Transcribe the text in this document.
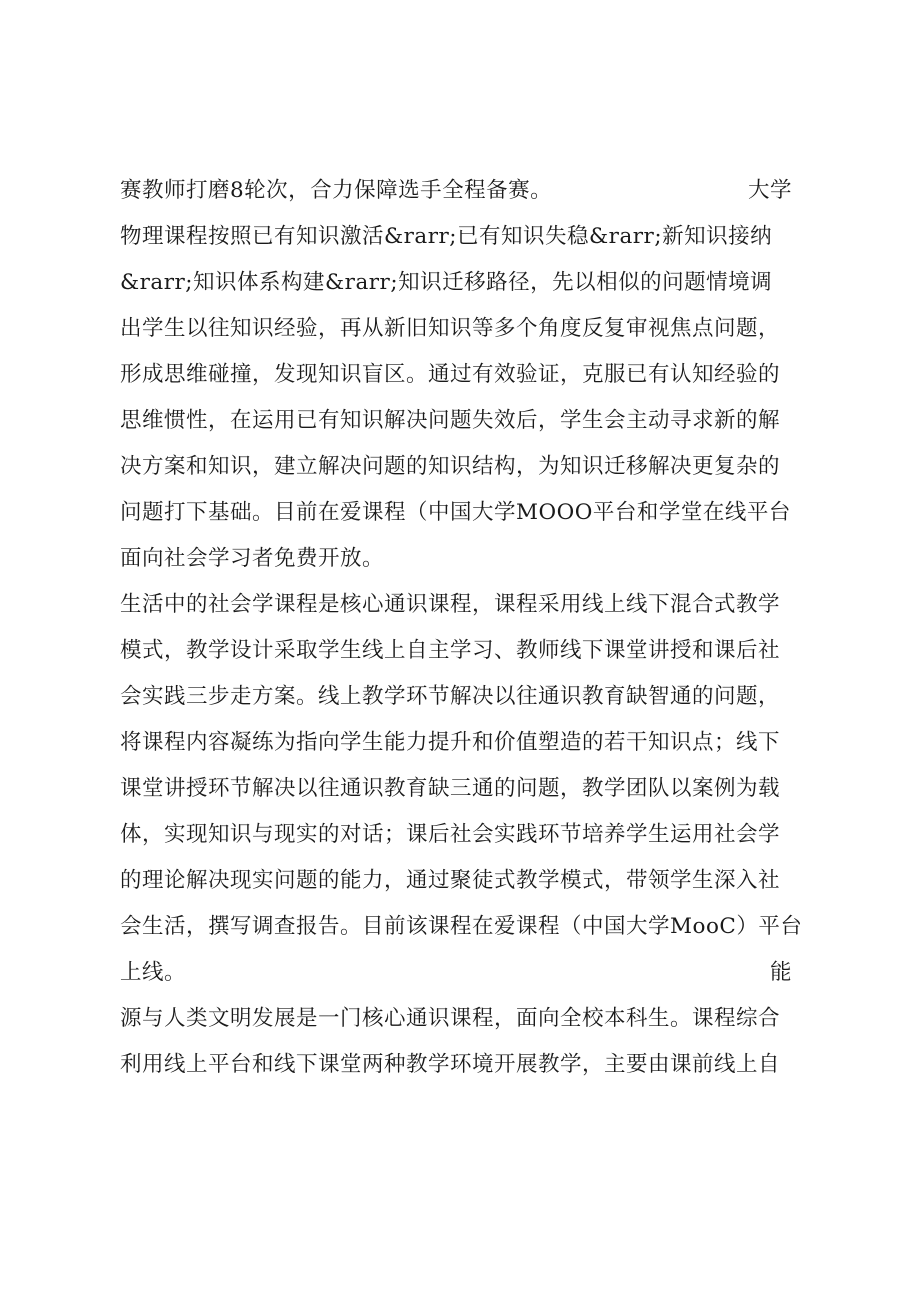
赛教师打磨8轮次，合力保障选手全程备赛。	大学
物理课程按照已有知识激活&rarr;已有知识失稳&rarr;新知识接纳
&rarr;知识体系构建&rarr;知识迁移路径，先以相似的问题情境调
出学生以往知识经验，再从新旧知识等多个角度反复审视焦点问题，
形成思维碰撞，发现知识盲区。通过有效验证，克服已有认知经验的
思维惯性，在运用已有知识解决问题失效后，学生会主动寻求新的解
决方案和知识，建立解决问题的知识结构，为知识迁移解决更复杂的
问题打下基础。目前在爱课程（中国大学MOOO平台和学堂在线平台
面向社会学习者免费开放。
生活中的社会学课程是核心通识课程，课程采用线上线下混合式教学
模式，教学设计采取学生线上自主学习、教师线下课堂讲授和课后社
会实践三步走方案。线上教学环节解决以往通识教育缺智通的问题，
将课程内容凝练为指向学生能力提升和价值塑造的若干知识点；线下
课堂讲授环节解决以往通识教育缺三通的问题，教学团队以案例为载
体，实现知识与现实的对话；课后社会实践环节培养学生运用社会学
的理论解决现实问题的能力，通过聚徒式教学模式，带领学生深入社
会生活，撰写调查报告。目前该课程在爱课程（中国大学MooC）平台
上线。	能
源与人类文明发展是一门核心通识课程，面向全校本科生。课程综合
利用线上平台和线下课堂两种教学环境开展教学，主要由课前线上自
